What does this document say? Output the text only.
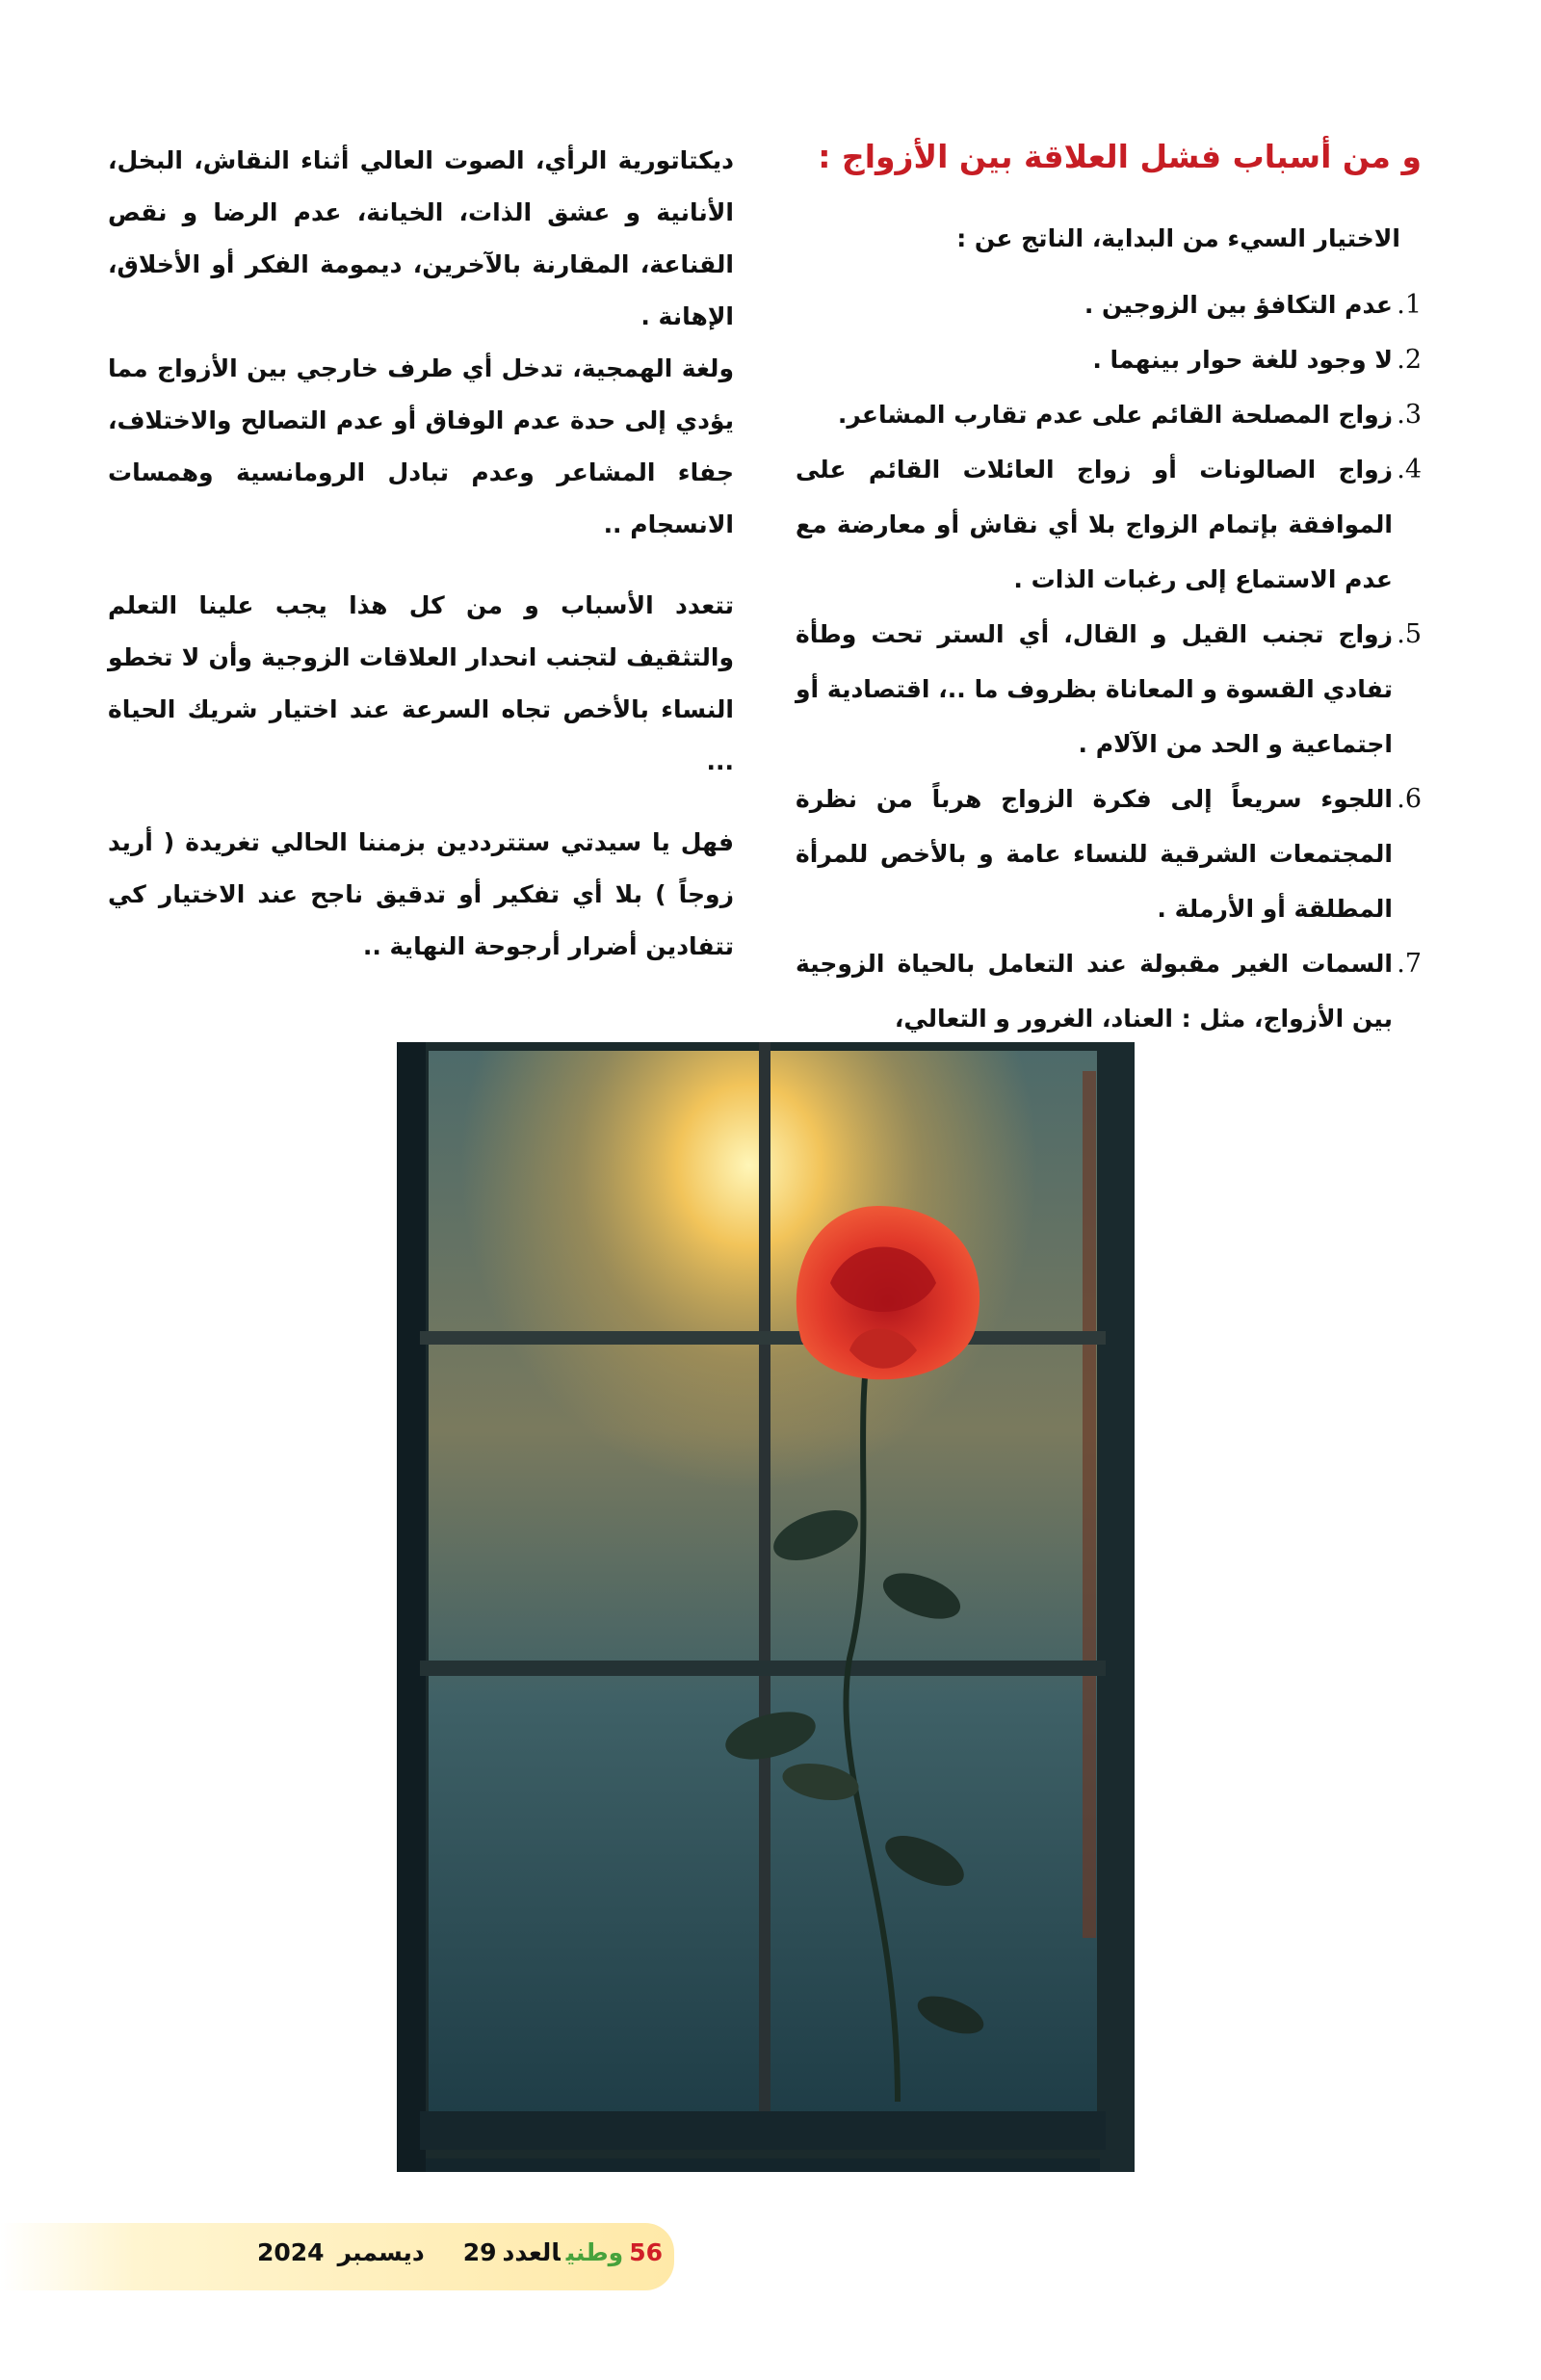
و من أسباب فشل العلاقة بين الأزواج :

الاختيار السيء من البداية، الناتج عن :

1.
عدم التكافؤ بين الزوجين .
2.
لا وجود للغة حوار بينهما .
3.
زواج المصلحة القائم على عدم تقارب المشاعر.
4.
زواج الصالونات أو زواج العائلات القائم على الموافقة بإتمام الزواج بلا أي نقاش أو معارضة مع عدم الاستماع إلى رغبات الذات .
5.
زواج تجنب القيل و القال، أي الستر تحت وطأة تفادي القسوة و المعاناة بظروف ما ..، اقتصادية أو اجتماعية و الحد من الآلام .
6.
اللجوء سريعاً إلى فكرة الزواج هرباً من نظرة المجتمعات الشرقية للنساء عامة و بالأخص للمرأة المطلقة أو الأرملة .
7.
السمات الغير مقبولة عند التعامل بالحياة الزوجية بين الأزواج، مثل : العناد، الغرور و التعالي،

ديكتاتورية الرأي، الصوت العالي أثناء النقاش، البخل، الأنانية و عشق الذات، الخيانة، عدم الرضا و نقص القناعة، المقارنة بالآخرين، ديمومة الفكر أو الأخلاق، الإهانة .

ولغة الهمجية، تدخل أي طرف خارجي بين الأزواج مما يؤدي إلى حدة عدم الوفاق أو عدم التصالح والاختلاف، جفاء المشاعر وعدم تبادل الرومانسية وهمسات الانسجام ..

تتعدد الأسباب و من كل هذا يجب علينا التعلم والتثقيف لتجنب انحدار العلاقات الزوجية وأن لا تخطو النساء بالأخص تجاه السرعة عند اختيار شريك الحياة ...

فهل يا سيدتي ستترددين بزمننا الحالي تغريدة ( أريد زوجاً ) بلا أي تفكير أو تدقيق ناجح عند الاختيار كي تتفادين أضرار أرجوحة النهاية ..

56وطنيالعدد29ديسمبر2024
